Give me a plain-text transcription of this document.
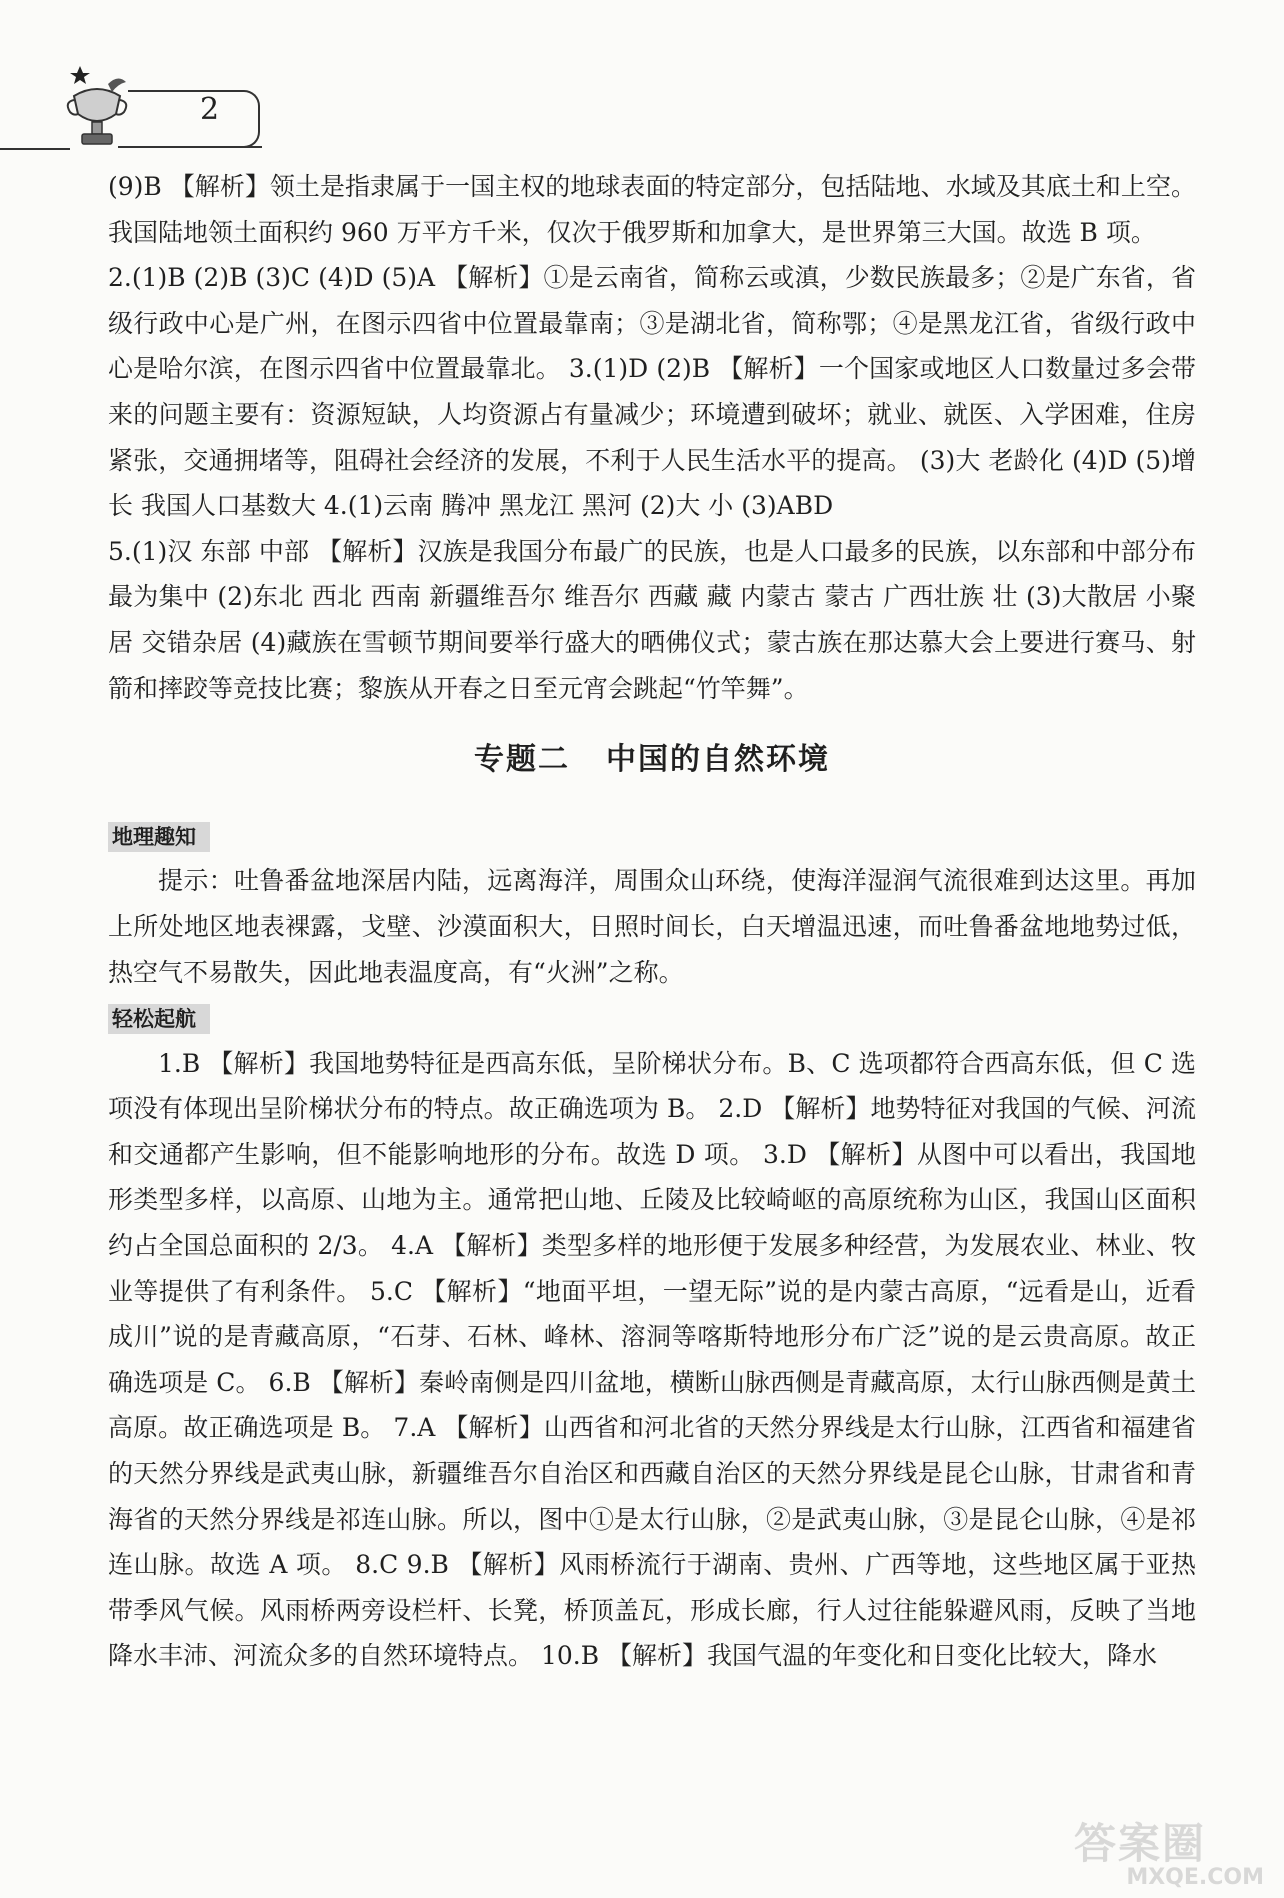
2

(9)B 【解析】领土是指隶属于一国主权的地球表面的特定部分，包括陆地、水域及其底土和上空。我国陆地领土面积约 960 万平方千米，仅次于俄罗斯和加拿大，是世界第三大国。故选 B 项。

2.(1)B (2)B (3)C (4)D (5)A 【解析】①是云南省，简称云或滇，少数民族最多；②是广东省，省级行政中心是广州，在图示四省中位置最靠南；③是湖北省，简称鄂；④是黑龙江省，省级行政中心是哈尔滨，在图示四省中位置最靠北。 3.(1)D (2)B 【解析】一个国家或地区人口数量过多会带来的问题主要有：资源短缺，人均资源占有量减少；环境遭到破坏；就业、就医、入学困难，住房紧张，交通拥堵等，阻碍社会经济的发展，不利于人民生活水平的提高。 (3)大 老龄化 (4)D (5)增长 我国人口基数大 4.(1)云南 腾冲 黑龙江 黑河 (2)大 小 (3)ABD

5.(1)汉 东部 中部 【解析】汉族是我国分布最广的民族，也是人口最多的民族，以东部和中部分布最为集中 (2)东北 西北 西南 新疆维吾尔 维吾尔 西藏 藏 内蒙古 蒙古 广西壮族 壮 (3)大散居 小聚居 交错杂居 (4)藏族在雪顿节期间要举行盛大的晒佛仪式；蒙古族在那达慕大会上要进行赛马、射箭和摔跤等竞技比赛；黎族从开春之日至元宵会跳起“竹竿舞”。

专题二 中国的自然环境
地理趣知

提示：吐鲁番盆地深居内陆，远离海洋，周围众山环绕，使海洋湿润气流很难到达这里。再加上所处地区地表裸露，戈壁、沙漠面积大，日照时间长，白天增温迅速，而吐鲁番盆地地势过低，热空气不易散失，因此地表温度高，有“火洲”之称。

轻松起航

1.B 【解析】我国地势特征是西高东低，呈阶梯状分布。B、C 选项都符合西高东低，但 C 选项没有体现出呈阶梯状分布的特点。故正确选项为 B。 2.D 【解析】地势特征对我国的气候、河流和交通都产生影响，但不能影响地形的分布。故选 D 项。 3.D 【解析】从图中可以看出，我国地形类型多样，以高原、山地为主。通常把山地、丘陵及比较崎岖的高原统称为山区，我国山区面积约占全国总面积的 2/3。 4.A 【解析】类型多样的地形便于发展多种经营，为发展农业、林业、牧业等提供了有利条件。 5.C 【解析】“地面平坦，一望无际”说的是内蒙古高原，“远看是山，近看成川”说的是青藏高原，“石芽、石林、峰林、溶洞等喀斯特地形分布广泛”说的是云贵高原。故正确选项是 C。 6.B 【解析】秦岭南侧是四川盆地，横断山脉西侧是青藏高原，太行山脉西侧是黄土高原。故正确选项是 B。 7.A 【解析】山西省和河北省的天然分界线是太行山脉，江西省和福建省的天然分界线是武夷山脉，新疆维吾尔自治区和西藏自治区的天然分界线是昆仑山脉，甘肃省和青海省的天然分界线是祁连山脉。所以，图中①是太行山脉，②是武夷山脉，③是昆仑山脉，④是祁连山脉。故选 A 项。 8.C 9.B 【解析】风雨桥流行于湖南、贵州、广西等地，这些地区属于亚热带季风气候。风雨桥两旁设栏杆、长凳，桥顶盖瓦，形成长廊，行人过往能躲避风雨，反映了当地降水丰沛、河流众多的自然环境特点。 10.B 【解析】我国气温的年变化和日变化比较大，降水

答案圈
MXQE.COM
